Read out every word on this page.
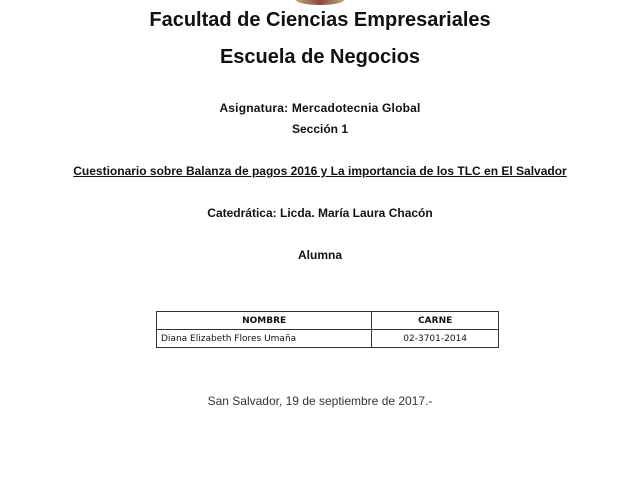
Facultad de Ciencias Empresariales
Escuela de Negocios
Asignatura: Mercadotecnia Global
Sección 1
Cuestionario sobre Balanza de pagos 2016 y La importancia de los TLC en El Salvador
Catedrática: Licda. María Laura Chacón
Alumna
NOMBRE	CARNE
Diana Elizabeth Flores Umaña	02-3701-2014
San Salvador, 19 de septiembre de 2017.-
